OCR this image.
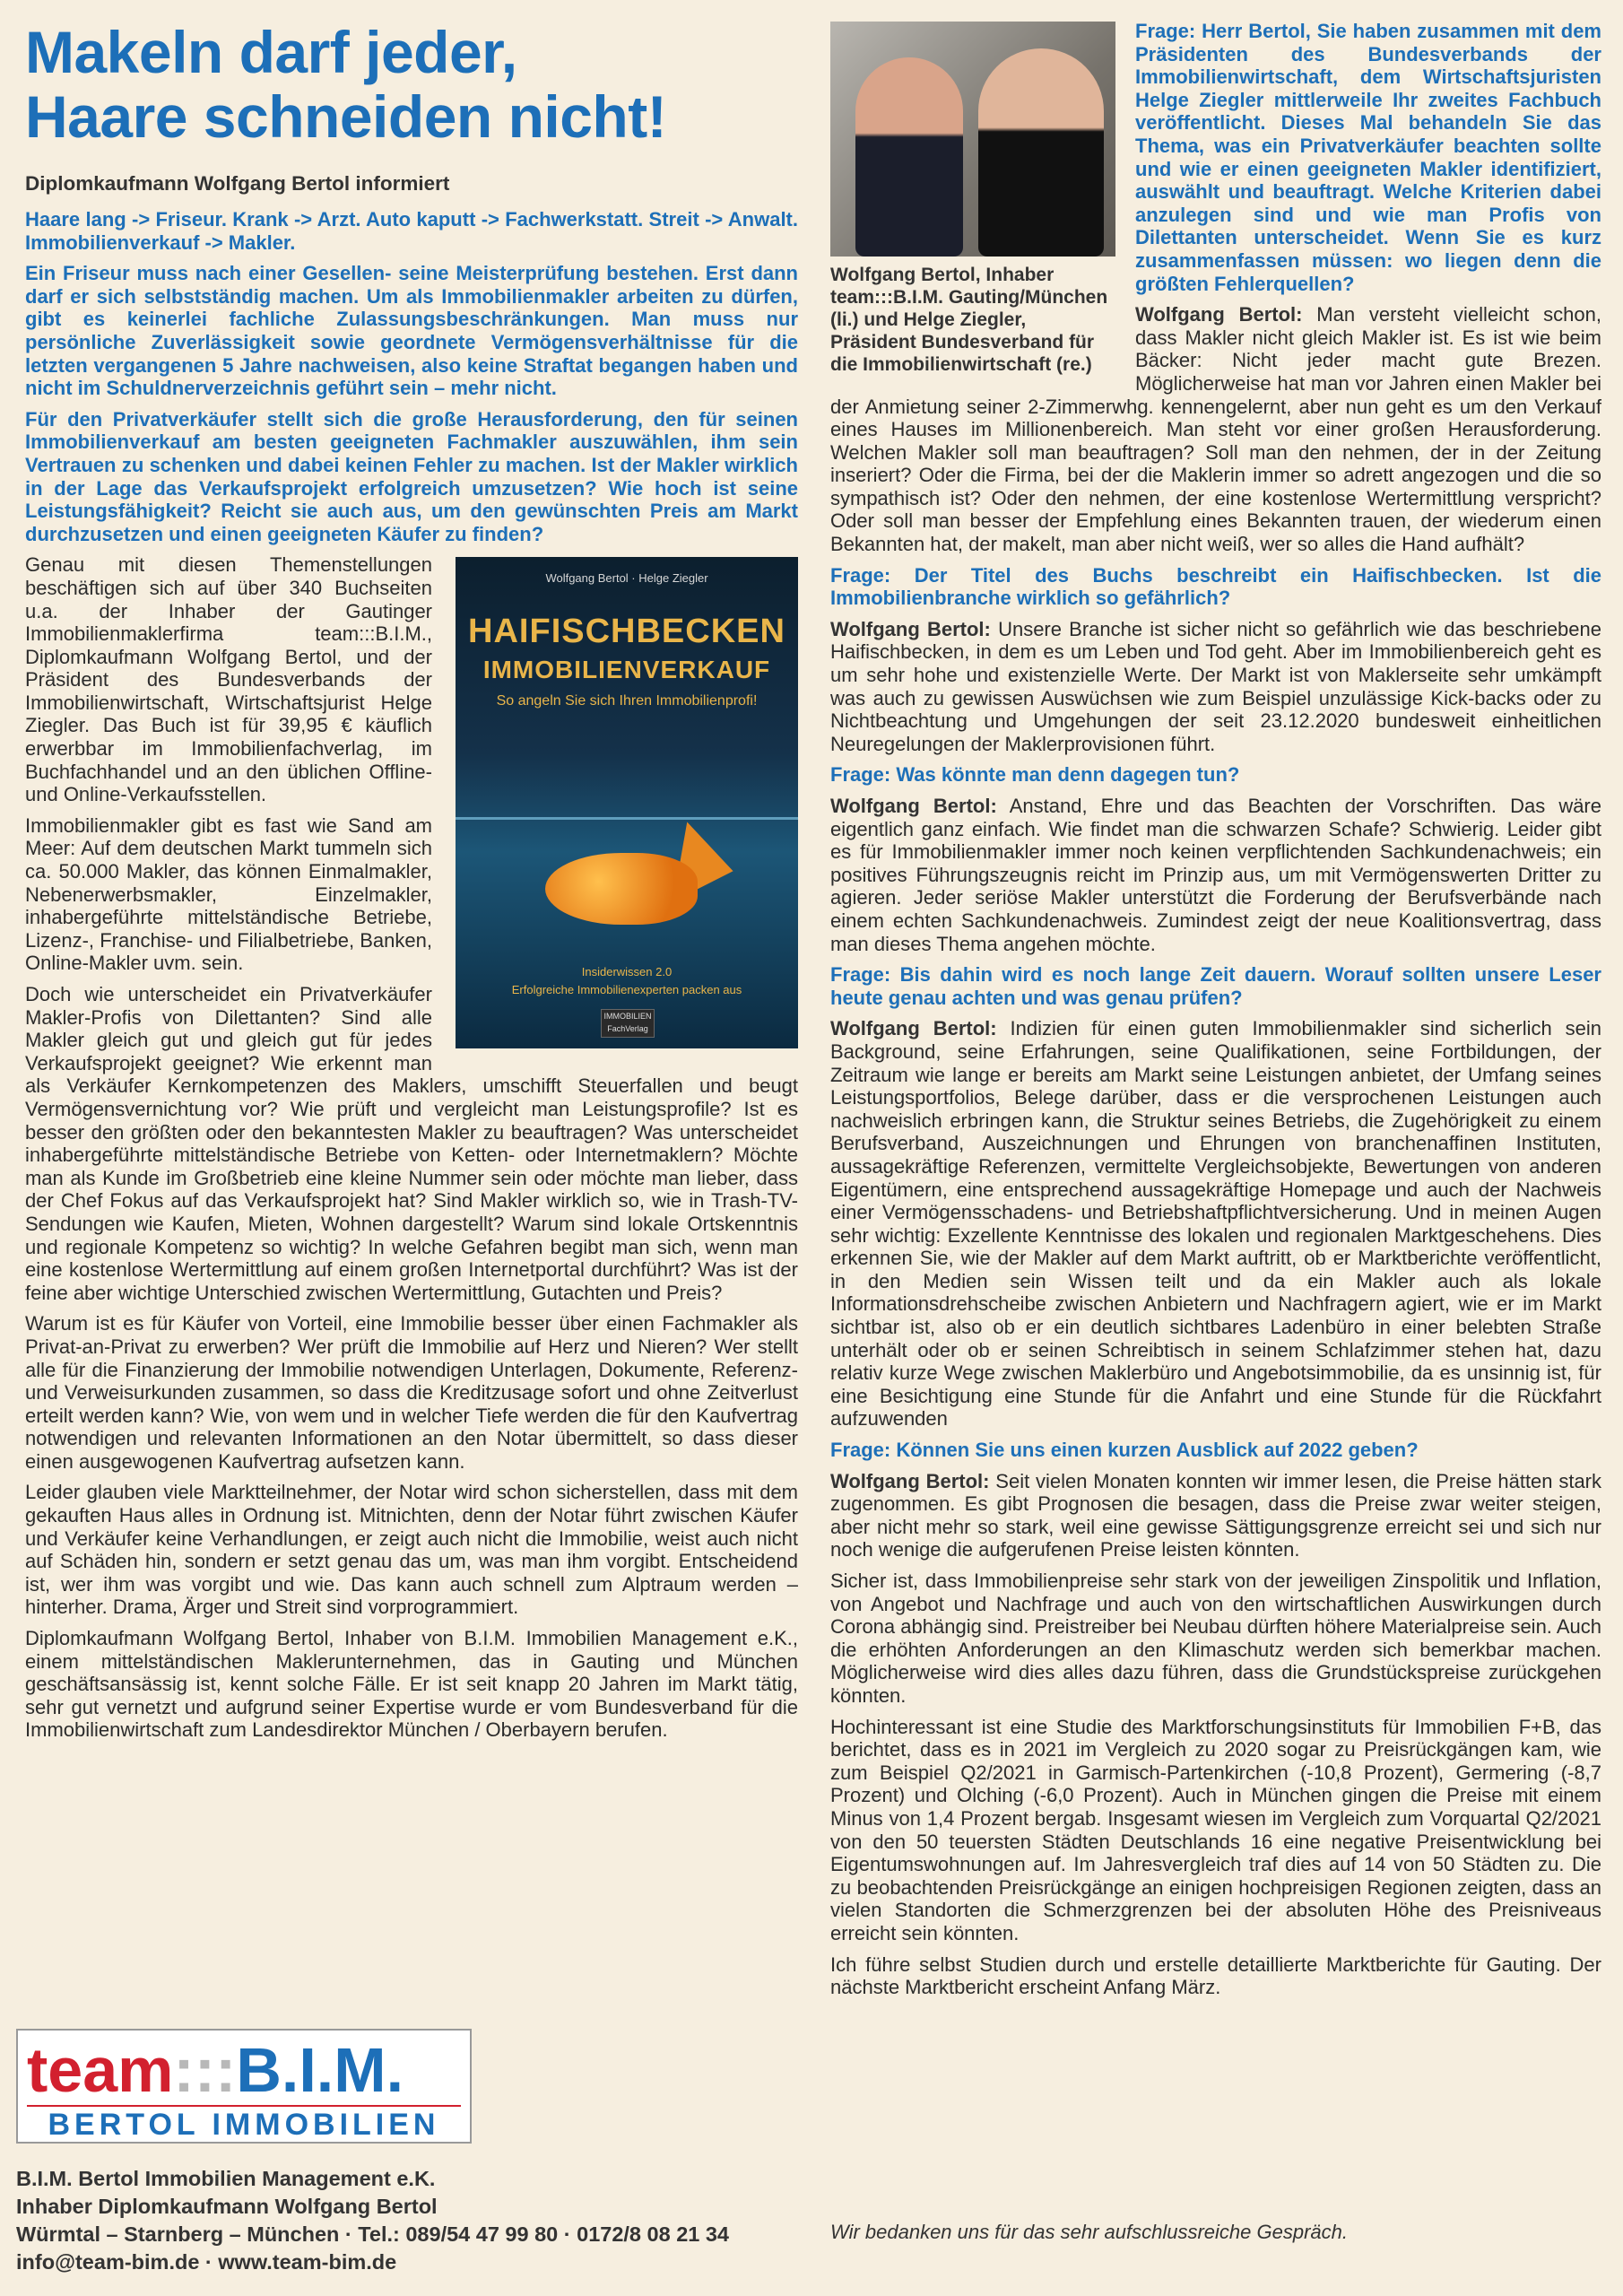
Makeln darf jeder,
Haare schneiden nicht!
Diplomkaufmann Wolfgang Bertol informiert

Haare lang -> Friseur. Krank -> Arzt. Auto kaputt -> Fachwerkstatt. Streit -> Anwalt. Immobilienverkauf -> Makler.

Ein Friseur muss nach einer Gesellen- seine Meisterprüfung bestehen. Erst dann darf er sich selbstständig machen. Um als Immobilienmakler arbeiten zu dürfen, gibt es keinerlei fachliche Zulassungsbeschränkungen. Man muss nur persönliche Zuverlässigkeit sowie geordnete Vermögensverhältnisse für die letzten vergangenen 5 Jahre nachweisen, also keine Straftat begangen haben und nicht im Schuldnerverzeichnis geführt sein – mehr nicht.

Für den Privatverkäufer stellt sich die große Herausforderung, den für seinen Immobilienverkauf am besten geeigneten Fachmakler auszuwählen, ihm sein Vertrauen zu schenken und dabei keinen Fehler zu machen. Ist der Makler wirklich in der Lage das Verkaufsprojekt erfolgreich umzusetzen? Wie hoch ist seine Leistungsfähigkeit? Reicht sie auch aus, um den gewünschten Preis am Markt durchzusetzen und einen geeigneten Käufer zu finden?

Wolfgang Bertol · Helge Ziegler
HAIFISCHBECKEN
IMMOBILIENVERKAUF
So angeln Sie sich Ihren Immobilienprofi!
Insiderwissen 2.0
Erfolgreiche Immobilienexperten packen aus
IMMOBILIEN FachVerlag

Genau mit diesen Themenstellungen beschäftigen sich auf über 340 Buchseiten u.a. der Inhaber der Gautinger Immobilienmaklerfirma team:::B.I.M., Diplomkaufmann Wolfgang Bertol, und der Präsident des Bundesverbands der Immobilienwirtschaft, Wirtschaftsjurist Helge Ziegler. Das Buch ist für 39,95 € käuflich erwerbbar im Immobilienfachverlag, im Buchfachhandel und an den üblichen Offline- und Online-Verkaufsstellen.

Immobilienmakler gibt es fast wie Sand am Meer: Auf dem deutschen Markt tummeln sich ca. 50.000 Makler, das können Einmalmakler, Nebenerwerbsmakler, Einzelmakler, inhabergeführte mittelständische Betriebe, Lizenz-, Franchise- und Filialbetriebe, Banken, Online-Makler uvm. sein.

Doch wie unterscheidet ein Privatverkäufer Makler-Profis von Dilettanten? Sind alle Makler gleich gut und gleich gut für jedes Verkaufsprojekt geeignet? Wie erkennt man als Verkäufer Kernkompetenzen des Maklers, umschifft Steuerfallen und beugt Vermögensvernichtung vor? Wie prüft und vergleicht man Leistungsprofile? Ist es besser den größten oder den bekanntesten Makler zu beauftragen? Was unterscheidet inhabergeführte mittelständische Betriebe von Ketten- oder Internetmaklern? Möchte man als Kunde im Großbetrieb eine kleine Nummer sein oder möchte man lieber, dass der Chef Fokus auf das Verkaufsprojekt hat? Sind Makler wirklich so, wie in Trash-TV-Sendungen wie Kaufen, Mieten, Wohnen dargestellt? Warum sind lokale Ortskenntnis und regionale Kompetenz so wichtig? In welche Gefahren begibt man sich, wenn man eine kostenlose Wertermittlung auf einem großen Internetportal durchführt? Was ist der feine aber wichtige Unterschied zwischen Wertermittlung, Gutachten und Preis?

Warum ist es für Käufer von Vorteil, eine Immobilie besser über einen Fachmakler als Privat-an-Privat zu erwerben? Wer prüft die Immobilie auf Herz und Nieren? Wer stellt alle für die Finanzierung der Immobilie notwendigen Unterlagen, Dokumente, Referenz- und Verweisurkunden zusammen, so dass die Kreditzusage sofort und ohne Zeitverlust erteilt werden kann? Wie, von wem und in welcher Tiefe werden die für den Kaufvertrag notwendigen und relevanten Informationen an den Notar übermittelt, so dass dieser einen ausgewogenen Kaufvertrag aufsetzen kann.

Leider glauben viele Marktteilnehmer, der Notar wird schon sicherstellen, dass mit dem gekauften Haus alles in Ordnung ist. Mitnichten, denn der Notar führt zwischen Käufer und Verkäufer keine Verhandlungen, er zeigt auch nicht die Immobilie, weist auch nicht auf Schäden hin, sondern er setzt genau das um, was man ihm vorgibt. Entscheidend ist, wer ihm was vorgibt und wie. Das kann auch schnell zum Alptraum werden – hinterher. Drama, Ärger und Streit sind vorprogrammiert.

Diplomkaufmann Wolfgang Bertol, Inhaber von B.I.M. Immobilien Management e.K., einem mittelständischen Maklerunternehmen, das in Gauting und München geschäftsansässig ist, kennt solche Fälle. Er ist seit knapp 20 Jahren im Markt tätig, sehr gut vernetzt und aufgrund seiner Expertise wurde er vom Bundesverband für die Immobilienwirtschaft zum Landesdirektor München / Oberbayern berufen.

team:::B.I.M.
BERTOL IMMOBILIEN
B.I.M. Bertol Immobilien Management e.K.
Inhaber Diplomkaufmann Wolfgang Bertol
Würmtal – Starnberg – München · Tel.: 089/54 47 99 80 · 0172/8 08 21 34
info@team-bim.de · www.team-bim.de
Wolfgang Bertol, Inhaber team:::B.I.M. Gauting/München (li.) und Helge Ziegler, Präsident Bundesverband für die Immobilienwirtschaft (re.)

Frage: Herr Bertol, Sie haben zusammen mit dem Präsidenten des Bundesverbands der Immobilienwirtschaft, dem Wirtschaftsjuristen Helge Ziegler mittlerweile Ihr zweites Fachbuch veröffentlicht. Dieses Mal behandeln Sie das Thema, was ein Privatverkäufer beachten sollte und wie er einen geeigneten Makler identifiziert, auswählt und beauftragt. Welche Kriterien dabei anzulegen sind und wie man Profis von Dilettanten unterscheidet. Wenn Sie es kurz zusammenfassen müssen: wo liegen denn die größten Fehlerquellen?

Wolfgang Bertol: Man versteht vielleicht schon, dass Makler nicht gleich Makler ist. Es ist wie beim Bäcker: Nicht jeder macht gute Brezen. Möglicherweise hat man vor Jahren einen Makler bei der Anmietung seiner 2-Zimmerwhg. kennengelernt, aber nun geht es um den Verkauf eines Hauses im Millionenbereich. Man steht vor einer großen Herausforderung. Welchen Makler soll man beauftragen? Soll man den nehmen, der in der Zeitung inseriert? Oder die Firma, bei der die Maklerin immer so adrett angezogen und die so sympathisch ist? Oder den nehmen, der eine kostenlose Wertermittlung verspricht? Oder soll man besser der Empfehlung eines Bekannten trauen, der wiederum einen Bekannten hat, der makelt, man aber nicht weiß, wer so alles die Hand aufhält?

Frage: Der Titel des Buchs beschreibt ein Haifischbecken. Ist die Immobilienbranche wirklich so gefährlich?

Wolfgang Bertol: Unsere Branche ist sicher nicht so gefährlich wie das beschriebene Haifischbecken, in dem es um Leben und Tod geht. Aber im Immobilienbereich geht es um sehr hohe und existenzielle Werte. Der Markt ist von Maklerseite sehr umkämpft was auch zu gewissen Auswüchsen wie zum Beispiel unzulässige Kick-backs oder zu Nichtbeachtung und Umgehungen der seit 23.12.2020 bundesweit einheitlichen Neuregelungen der Maklerprovisionen führt.

Frage: Was könnte man denn dagegen tun?

Wolfgang Bertol: Anstand, Ehre und das Beachten der Vorschriften. Das wäre eigentlich ganz einfach. Wie findet man die schwarzen Schafe? Schwierig. Leider gibt es für Immobilienmakler immer noch keinen verpflichtenden Sachkundenachweis; ein positives Führungszeugnis reicht im Prinzip aus, um mit Vermögenswerten Dritter zu agieren. Jeder seriöse Makler unterstützt die Forderung der Berufsverbände nach einem echten Sachkundenachweis. Zumindest zeigt der neue Koalitionsvertrag, dass man dieses Thema angehen möchte.

Frage: Bis dahin wird es noch lange Zeit dauern. Worauf sollten unsere Leser heute genau achten und was genau prüfen?

Wolfgang Bertol: Indizien für einen guten Immobilienmakler sind sicherlich sein Background, seine Erfahrungen, seine Qualifikationen, seine Fortbildungen, der Zeitraum wie lange er bereits am Markt seine Leistungen anbietet, der Umfang seines Leistungsportfolios, Belege darüber, dass er die versprochenen Leistungen auch nachweislich erbringen kann, die Struktur seines Betriebs, die Zugehörigkeit zu einem Berufsverband, Auszeichnungen und Ehrungen von branchenaffinen Instituten, aussagekräftige Referenzen, vermittelte Vergleichsobjekte, Bewertungen von anderen Eigentümern, eine entsprechend aussagekräftige Homepage und auch der Nachweis einer Vermögensschadens- und Betriebshaftpflichtversicherung. Und in meinen Augen sehr wichtig: Exzellente Kenntnisse des lokalen und regionalen Marktgeschehens. Dies erkennen Sie, wie der Makler auf dem Markt auftritt, ob er Marktberichte veröffentlicht, in den Medien sein Wissen teilt und da ein Makler auch als lokale Informationsdrehscheibe zwischen Anbietern und Nachfragern agiert, wie er im Markt sichtbar ist, also ob er ein deutlich sichtbares Ladenbüro in einer belebten Straße unterhält oder ob er seinen Schreibtisch in seinem Schlafzimmer stehen hat, dazu relativ kurze Wege zwischen Maklerbüro und Angebotsimmobilie, da es unsinnig ist, für eine Besichtigung eine Stunde für die Anfahrt und eine Stunde für die Rückfahrt aufzuwenden

Frage: Können Sie uns einen kurzen Ausblick auf 2022 geben?

Wolfgang Bertol: Seit vielen Monaten konnten wir immer lesen, die Preise hätten stark zugenommen. Es gibt Prognosen die besagen, dass die Preise zwar weiter steigen, aber nicht mehr so stark, weil eine gewisse Sättigungsgrenze erreicht sei und sich nur noch wenige die aufgerufenen Preise leisten könnten.

Sicher ist, dass Immobilienpreise sehr stark von der jeweiligen Zinspolitik und Inflation, von Angebot und Nachfrage und auch von den wirtschaftlichen Auswirkungen durch Corona abhängig sind. Preistreiber bei Neubau dürften höhere Materialpreise sein. Auch die erhöhten Anforderungen an den Klimaschutz werden sich bemerkbar machen. Möglicherweise wird dies alles dazu führen, dass die Grundstückspreise zurückgehen könnten.

Hochinteressant ist eine Studie des Marktforschungsinstituts für Immobilien F+B, das berichtet, dass es in 2021 im Vergleich zu 2020 sogar zu Preisrückgängen kam, wie zum Beispiel Q2/2021 in Garmisch-Partenkirchen (-10,8 Prozent), Germering (-8,7 Prozent) und Olching (-6,0 Prozent). Auch in München gingen die Preise mit einem Minus von 1,4 Prozent bergab. Insgesamt wiesen im Vergleich zum Vorquartal Q2/2021 von den 50 teuersten Städten Deutschlands 16 eine negative Preisentwicklung bei Eigentumswohnungen auf. Im Jahresvergleich traf dies auf 14 von 50 Städten zu. Die zu beobachtenden Preisrückgänge an einigen hochpreisigen Regionen zeigten, dass an vielen Standorten die Schmerzgrenzen bei der absoluten Höhe des Preisniveaus erreicht sein könnten.

Ich führe selbst Studien durch und erstelle detaillierte Marktberichte für Gauting. Der nächste Marktbericht erscheint Anfang März.

Wir bedanken uns für das sehr aufschlussreiche Gespräch.
